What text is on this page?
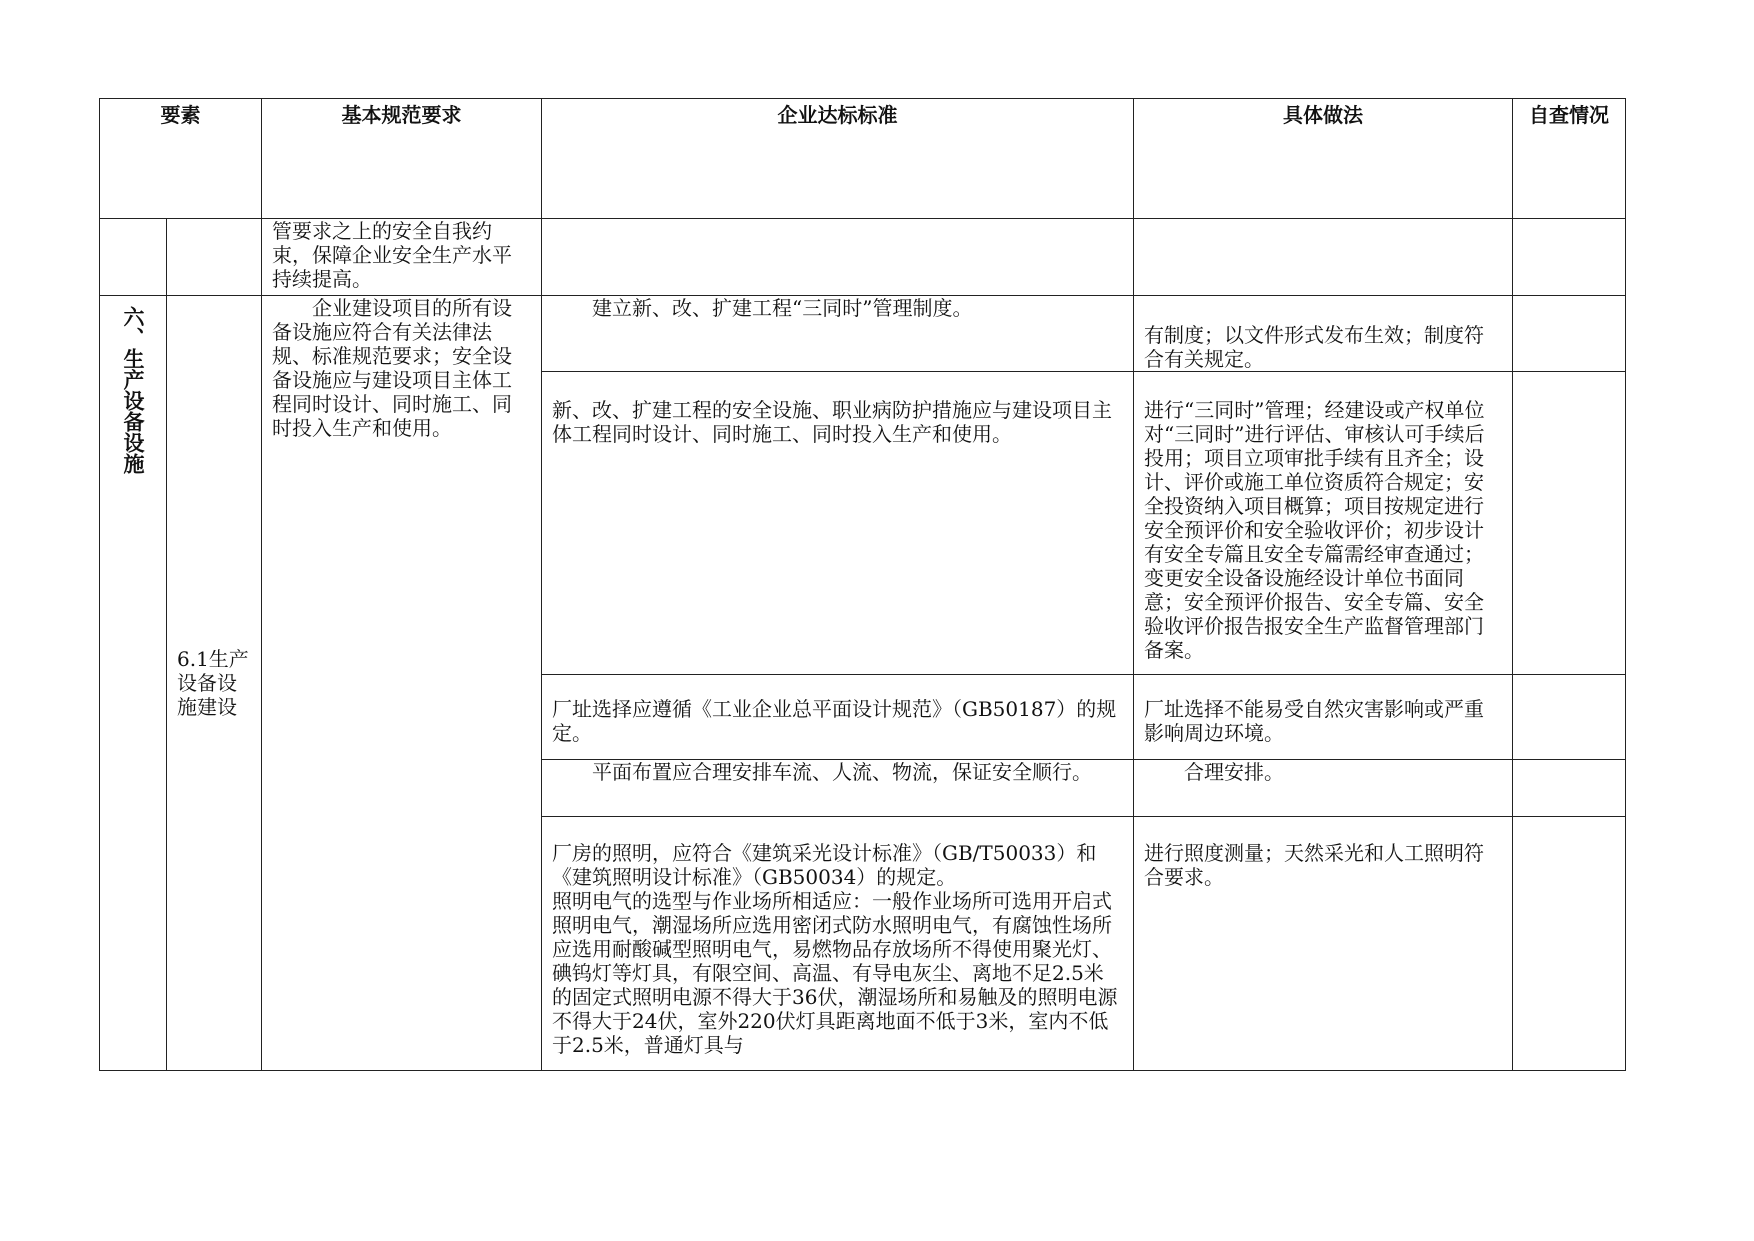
要素		基本规范要求	企业达标标准	具体做法	自查情况

		管要求之上的安全自我约束，保障企业安全生产水平持续提高。			

六、生产设备设施	6.1生产设备设施建设	企业建设项目的所有设备设施应符合有关法律法规、标准规范要求；安全设备设施应与建设项目主体工程同时设计、同时施工、同时投入生产和使用。	建立新、改、扩建工程“三同时”管理制度。	有制度；以文件形式发布生效；制度符合有关规定。	

			新、改、扩建工程的安全设施、职业病防护措施应与建设项目主体工程同时设计、同时施工、同时投入生产和使用。	进行“三同时”管理；经建设或产权单位对“三同时”进行评估、审核认可手续后投用；项目立项审批手续有且齐全；设计、评价或施工单位资质符合规定；安全投资纳入项目概算；项目按规定进行安全预评价和安全验收评价；初步设计有安全专篇且安全专篇需经审查通过；变更安全设备设施经设计单位书面同意；安全预评价报告、安全专篇、安全验收评价报告报安全生产监督管理部门备案。	

			厂址选择应遵循《工业企业总平面设计规范》（GB50187）的规定。	厂址选择不能易受自然灾害影响或严重影响周边环境。	

			平面布置应合理安排车流、人流、物流，保证安全顺行。	合理安排。	

			厂房的照明，应符合《建筑采光设计标准》（GB/T50033）和《建筑照明设计标准》（GB50034）的规定。
照明电气的选型与作业场所相适应：一般作业场所可选用开启式照明电气，潮湿场所应选用密闭式防水照明电气，有腐蚀性场所应选用耐酸碱型照明电气，易燃物品存放场所不得使用聚光灯、碘钨灯等灯具，有限空间、高温、有导电灰尘、离地不足2.5米的固定式照明电源不得大于36伏，潮湿场所和易触及的照明电源不得大于24伏，室外220伏灯具距离地面不低于3米，室内不低于2.5米，普通灯具与	进行照度测量；天然采光和人工照明符合要求。	
